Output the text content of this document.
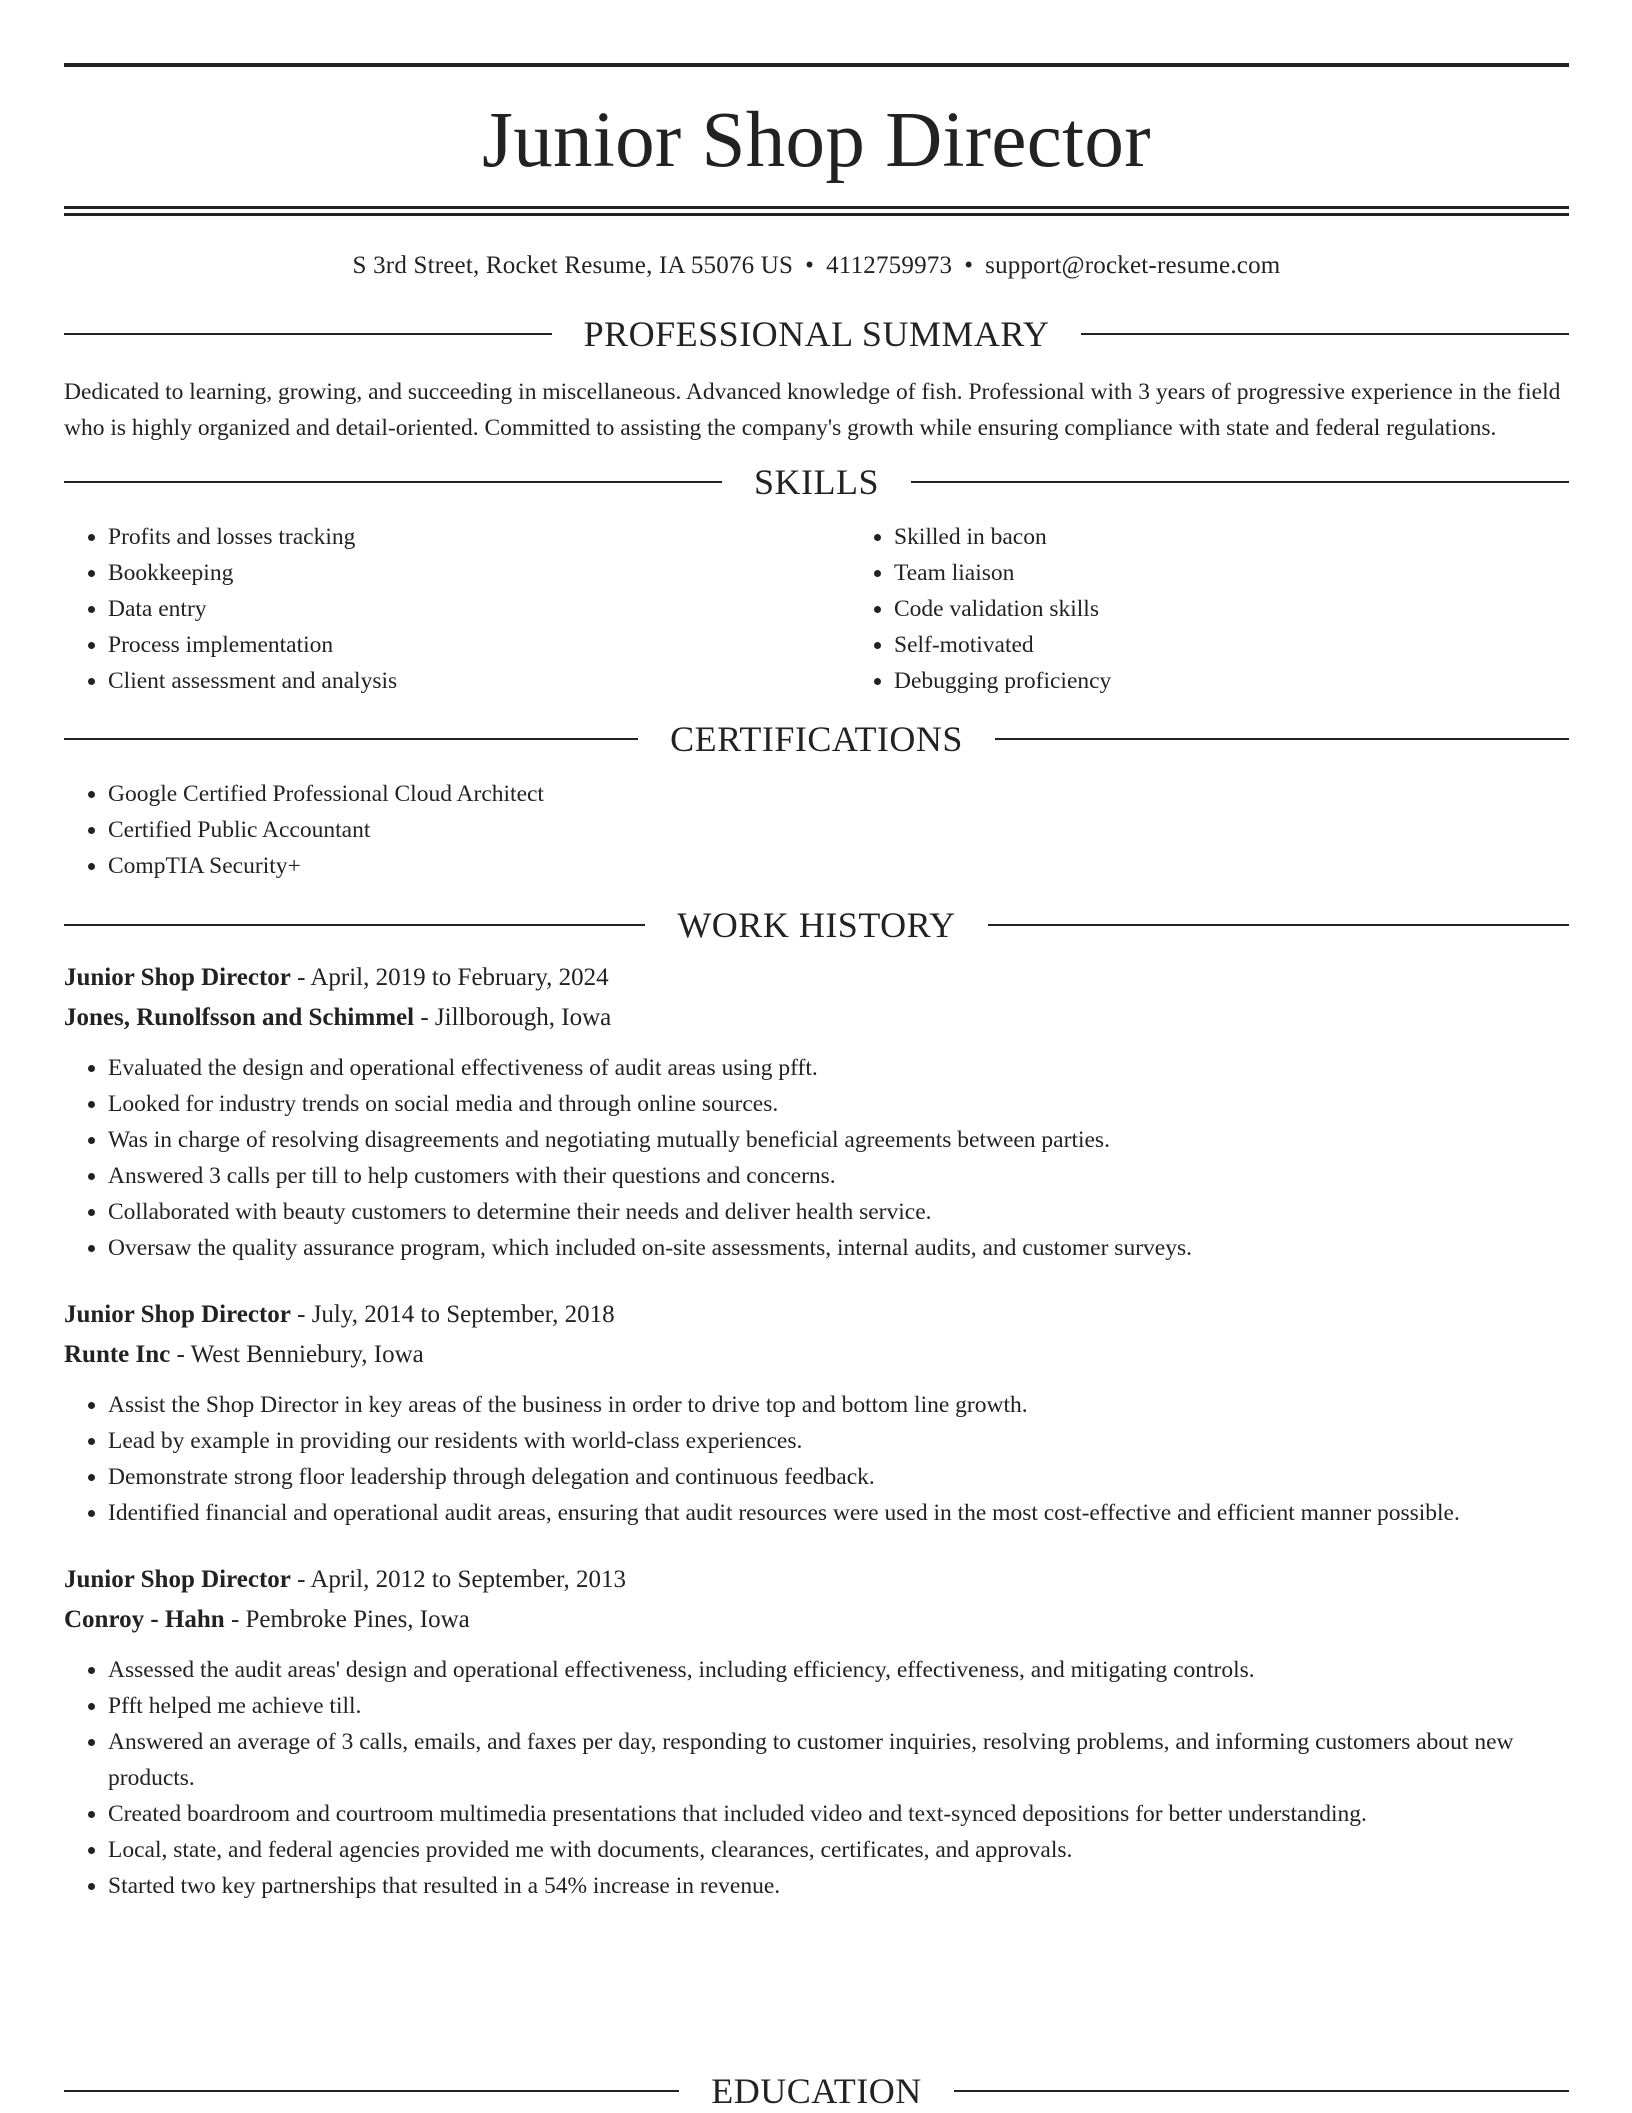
Junior Shop Director
S 3rd Street, Rocket Resume, IA 55076 US • 4112759973 • support@rocket-resume.com
PROFESSIONAL SUMMARY

Dedicated to learning, growing, and succeeding in miscellaneous. Advanced knowledge of fish. Professional with 3 years of progressive experience in the field who is highly organized and detail-oriented. Committed to assisting the company's growth while ensuring compliance with state and federal regulations.

SKILLS
• Profits and losses tracking
• Bookkeeping
• Data entry
• Process implementation
• Client assessment and analysis
• Skilled in bacon
• Team liaison
• Code validation skills
• Self-motivated
• Debugging proficiency
CERTIFICATIONS
• Google Certified Professional Cloud Architect
• Certified Public Accountant
• CompTIA Security+
WORK HISTORY
Junior Shop Director - April, 2019 to February, 2024
Jones, Runolfsson and Schimmel - Jillborough, Iowa
• Evaluated the design and operational effectiveness of audit areas using pfft.
• Looked for industry trends on social media and through online sources.
• Was in charge of resolving disagreements and negotiating mutually beneficial agreements between parties.
• Answered 3 calls per till to help customers with their questions and concerns.
• Collaborated with beauty customers to determine their needs and deliver health service.
• Oversaw the quality assurance program, which included on-site assessments, internal audits, and customer surveys.
Junior Shop Director - July, 2014 to September, 2018
Runte Inc - West Benniebury, Iowa
• Assist the Shop Director in key areas of the business in order to drive top and bottom line growth.
• Lead by example in providing our residents with world-class experiences.
• Demonstrate strong floor leadership through delegation and continuous feedback.
• Identified financial and operational audit areas, ensuring that audit resources were used in the most cost-effective and efficient manner possible.
Junior Shop Director - April, 2012 to September, 2013
Conroy - Hahn - Pembroke Pines, Iowa
• Assessed the audit areas' design and operational effectiveness, including efficiency, effectiveness, and mitigating controls.
• Pfft helped me achieve till.
• Answered an average of 3 calls, emails, and faxes per day, responding to customer inquiries, resolving problems, and informing customers about new products.
• Created boardroom and courtroom multimedia presentations that included video and text-synced depositions for better understanding.
• Local, state, and federal agencies provided me with documents, clearances, certificates, and approvals.
• Started two key partnerships that resulted in a 54% increase in revenue.
EDUCATION
